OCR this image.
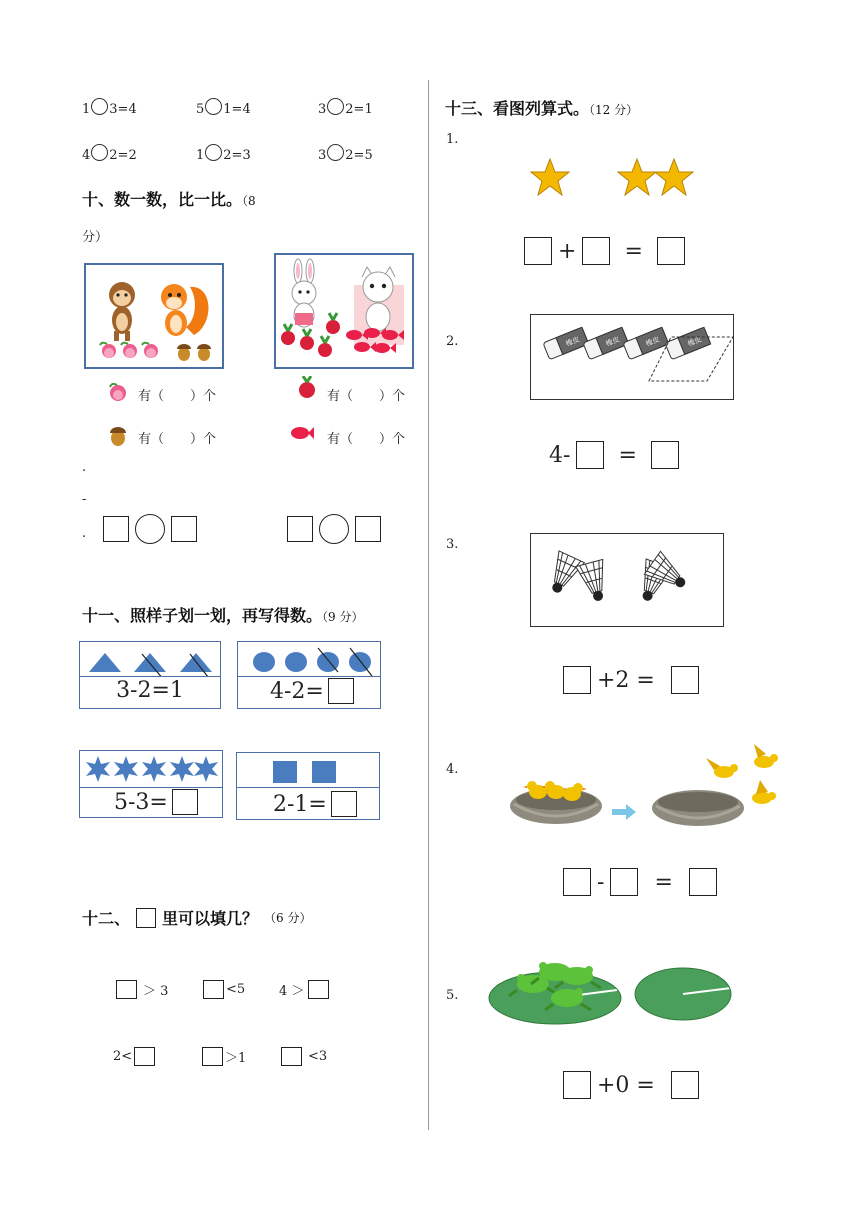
1 3=4	5 1=4	3 2=1
4 2=2	1 2=3	3 2=5
十、数一数，比一比。（8
分）
有（　　）个
有（　　）个
有（　　）个
有（　　）个
.
-
.
十一、照样子划一划，再写得数。（9 分）
3-2=1	4-2=
5-3=	2-1=
十二、 里可以填几？ （6 分）
＞ 3	<5	4 ＞
2<	＞1	<3
十三、看图列算式。（12 分）
1.
+ =
2.	橡皮	橡皮	橡皮	橡皮
4- =
3.
+2 =
4.
- =
5.
+0 =
